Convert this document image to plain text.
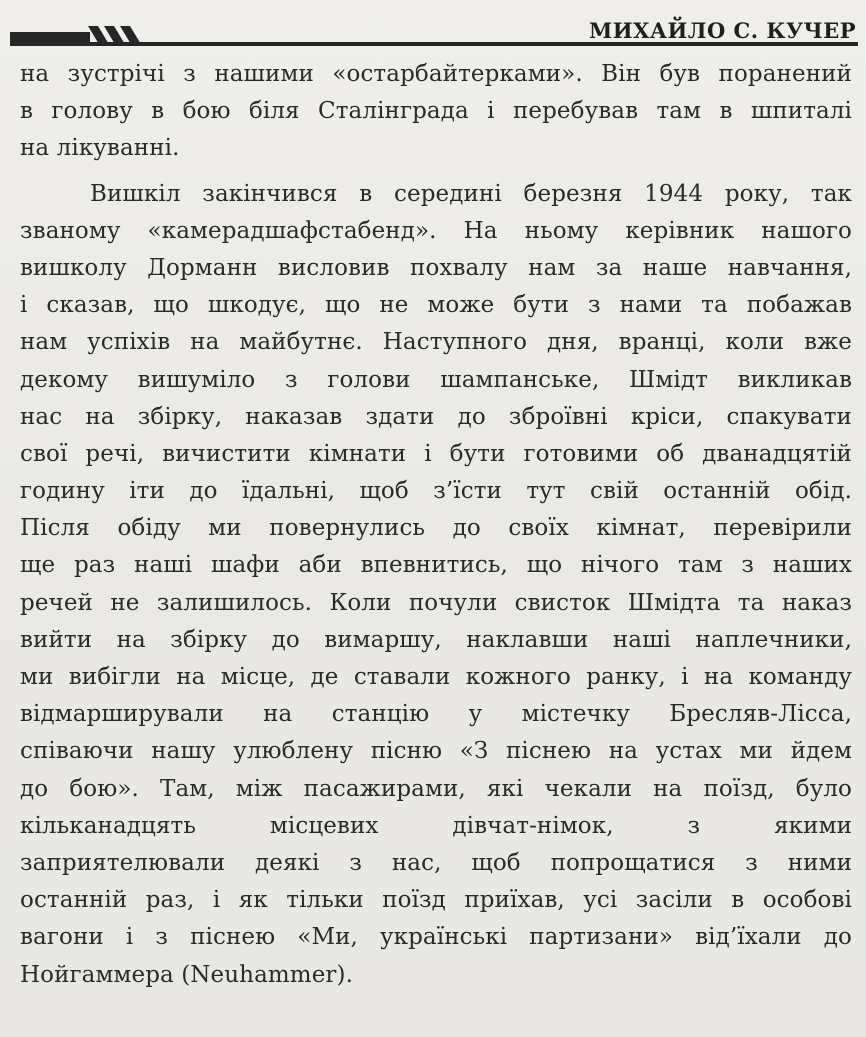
МИХАЙЛО С. КУЧЕР
на зустрічі з нашими «остарбайтерками». Він був поранений
в голову в бою біля Сталінграда і перебував там в шпиталі
на лікуванні.
Вишкіл закінчився в середині березня 1944 року, так
званому «камерадшафстабенд». На ньому керівник нашого
вишколу Дорманн висловив похвалу нам за наше навчання,
і сказав, що шкодує, що не може бути з нами та побажав
нам успіхів на майбутнє. Наступного дня, вранці, коли вже
декому вишуміло з голови шампанське, Шмідт викликав
нас на збірку, наказав здати до зброївні кріси, спакувати
свої речі, вичистити кімнати і бути готовими об дванадцятій
годину іти до їдальні, щоб з’їсти тут свій останній обід.
Після обіду ми повернулись до своїх кімнат, перевірили
ще раз наші шафи аби впевнитись, що нічого там з наших
речей не залишилось. Коли почули свисток Шмідта та наказ
вийти на збірку до вимаршу, наклавши наші наплечники,
ми вибігли на місце, де ставали кожного ранку, і на команду
відмарширували на станцію у містечку Бресляв-Лісса,
співаючи нашу улюблену пісню «З піснею на устах ми йдем
до бою». Там, між пасажирами, які чекали на поїзд, було
кільканадцять місцевих дівчат-німок, з якими
заприятелювали деякі з нас, щоб попрощатися з ними
останній раз, і як тільки поїзд приїхав, усі засіли в особові
вагони і з піснею «Ми, українські партизани» від’їхали до
Нойгаммера (Neuhammer).
